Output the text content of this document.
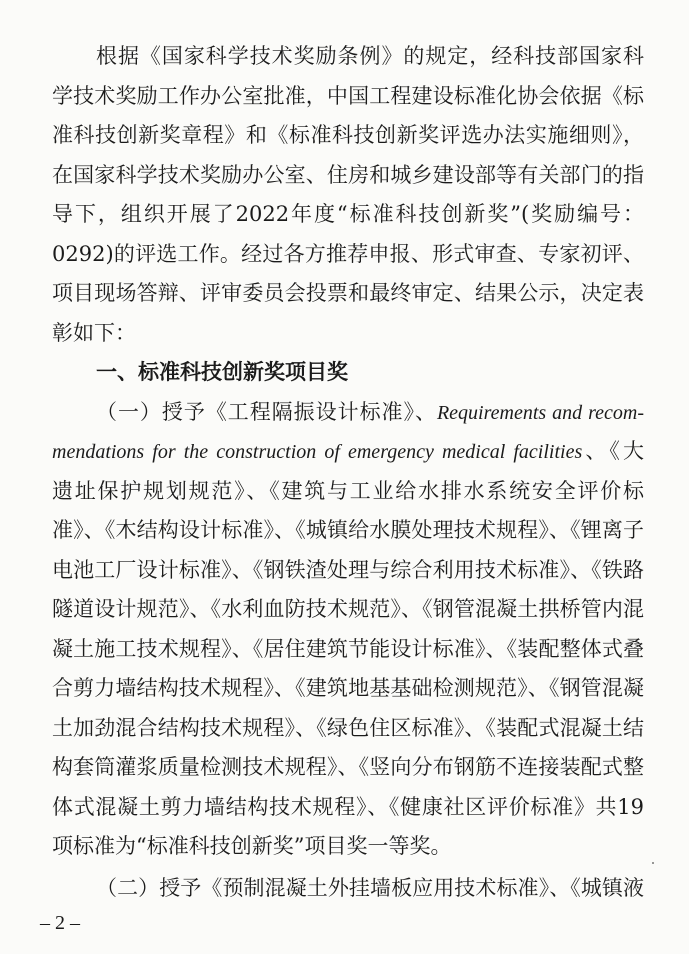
根据《国家科学技术奖励条例》的规定，经科技部国家科
学技术奖励工作办公室批准，中国工程建设标准化协会依据《标
准科技创新奖章程》和《标准科技创新奖评选办法实施细则》，
在国家科学技术奖励办公室、住房和城乡建设部等有关部门的指
导下，组织开展了2022年度“标准科技创新奖”(奖励编号：
0292)的评选工作。经过各方推荐申报、形式审查、专家初评、
项目现场答辩、评审委员会投票和最终审定、结果公示，决定表
彰如下：
一、标准科技创新奖项目奖
（一）授予《工程隔振设计标准》、Requirements and recom-
mendations for the construction of emergency medical facilities、《大
遗址保护规划规范》、《建筑与工业给水排水系统安全评价标
准》、《木结构设计标准》、《城镇给水膜处理技术规程》、《锂离子
电池工厂设计标准》、《钢铁渣处理与综合利用技术标准》、《铁路
隧道设计规范》、《水利血防技术规范》、《钢管混凝土拱桥管内混
凝土施工技术规程》、《居住建筑节能设计标准》、《装配整体式叠
合剪力墙结构技术规程》、《建筑地基基础检测规范》、《钢管混凝
土加劲混合结构技术规程》、《绿色住区标准》、《装配式混凝土结
构套筒灌浆质量检测技术规程》、《竖向分布钢筋不连接装配式整
体式混凝土剪力墙结构技术规程》、《健康社区评价标准》共19
项标准为“标准科技创新奖”项目奖一等奖。
（二）授予《预制混凝土外挂墙板应用技术标准》、《城镇液
– 2 –
